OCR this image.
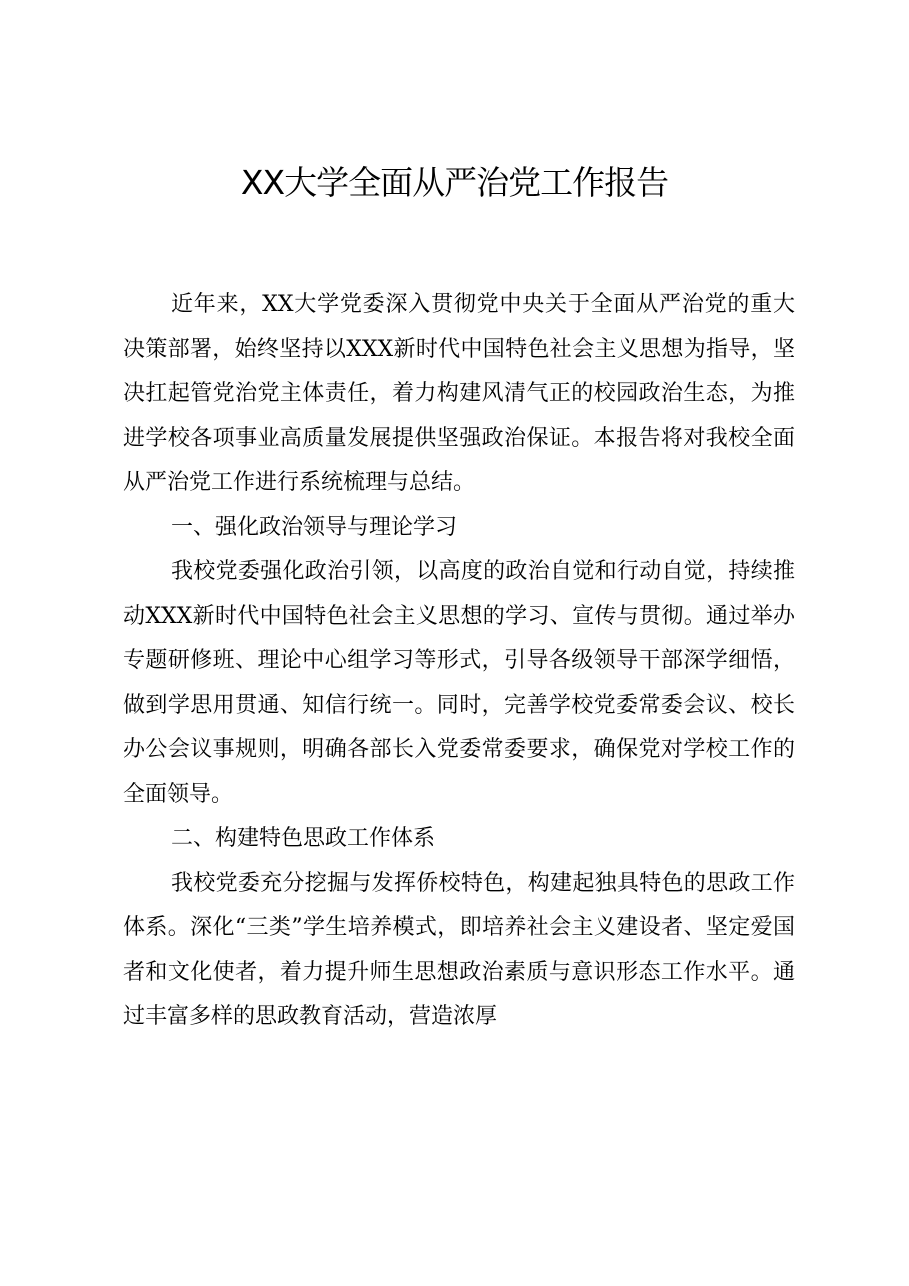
XX大学全面从严治党工作报告

近年来，XX大学党委深入贯彻党中央关于全面从严治党的重大决策部署，始终坚持以XXX新时代中国特色社会主义思想为指导，坚决扛起管党治党主体责任，着力构建风清气正的校园政治生态，为推进学校各项事业高质量发展提供坚强政治保证。本报告将对我校全面从严治党工作进行系统梳理与总结。

一、强化政治领导与理论学习

我校党委强化政治引领，以高度的政治自觉和行动自觉，持续推动XXX新时代中国特色社会主义思想的学习、宣传与贯彻。通过举办专题研修班、理论中心组学习等形式，引导各级领导干部深学细悟，做到学思用贯通、知信行统一。同时，完善学校党委常委会议、校长办公会议事规则，明确各部长入党委常委要求，确保党对学校工作的全面领导。

二、构建特色思政工作体系

我校党委充分挖掘与发挥侨校特色，构建起独具特色的思政工作体系。深化“三类”学生培养模式，即培养社会主义建设者、坚定爱国者和文化使者，着力提升师生思想政治素质与意识形态工作水平。通过丰富多样的思政教育活动，营造浓厚
